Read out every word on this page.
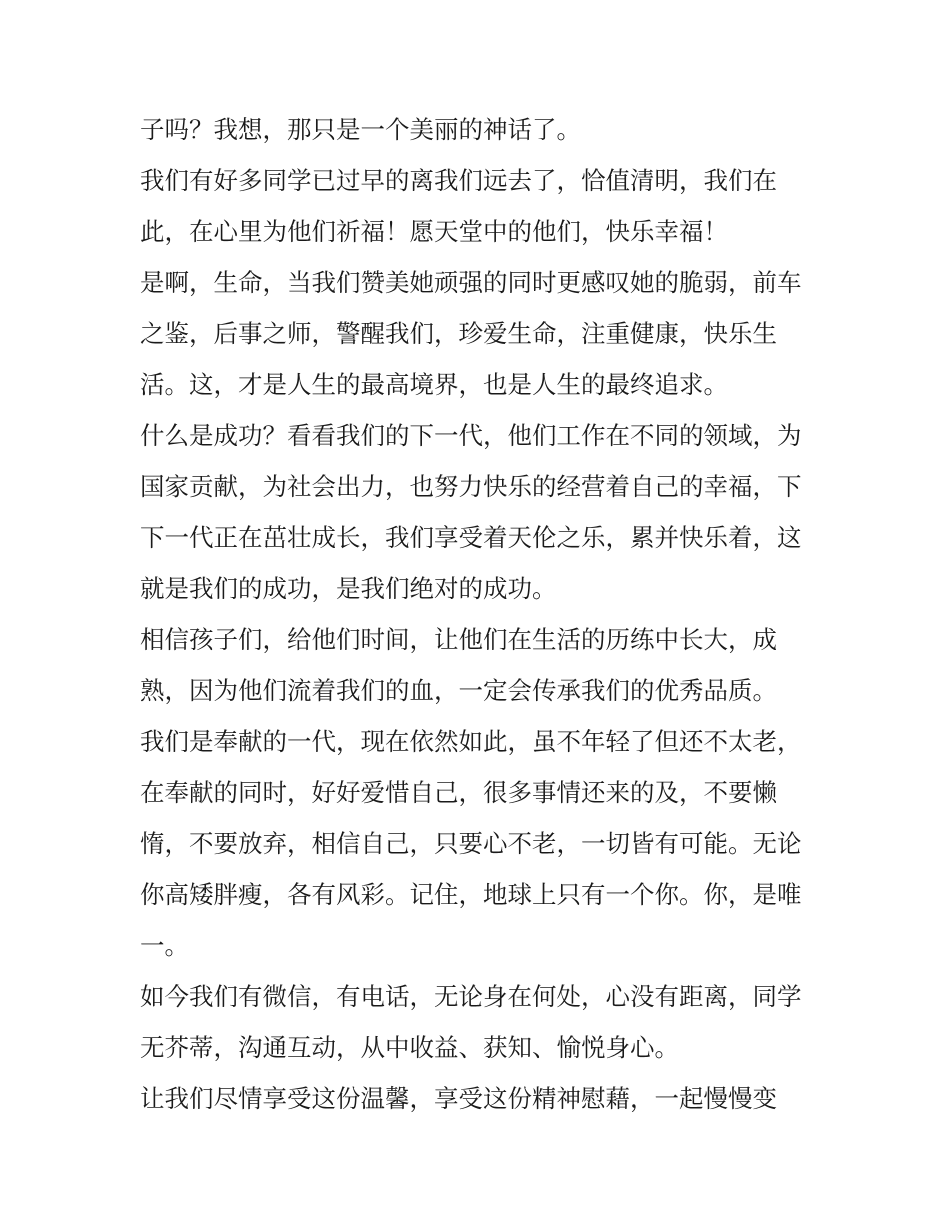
子吗？我想，那只是一个美丽的神话了。
我们有好多同学已过早的离我们远去了，恰值清明，我们在
此，在心里为他们祈福！愿天堂中的他们，快乐幸福！
是啊，生命，当我们赞美她顽强的同时更感叹她的脆弱，前车
之鉴，后事之师，警醒我们，珍爱生命，注重健康，快乐生
活。这，才是人生的最高境界，也是人生的最终追求。
什么是成功？看看我们的下一代，他们工作在不同的领域，为
国家贡献，为社会出力，也努力快乐的经营着自己的幸福，下
下一代正在茁壮成长，我们享受着天伦之乐，累并快乐着，这
就是我们的成功，是我们绝对的成功。
相信孩子们，给他们时间，让他们在生活的历练中长大，成
熟，因为他们流着我们的血，一定会传承我们的优秀品质。
我们是奉献的一代，现在依然如此，虽不年轻了但还不太老，
在奉献的同时，好好爱惜自己，很多事情还来的及，不要懒
惰，不要放弃，相信自己，只要心不老，一切皆有可能。无论
你高矮胖瘦，各有风彩。记住，地球上只有一个你。你，是唯
一。
如今我们有微信，有电话，无论身在何处，心没有距离，同学
无芥蒂，沟通互动，从中收益、获知、愉悦身心。
让我们尽情享受这份温馨，享受这份精神慰藉，一起慢慢变
